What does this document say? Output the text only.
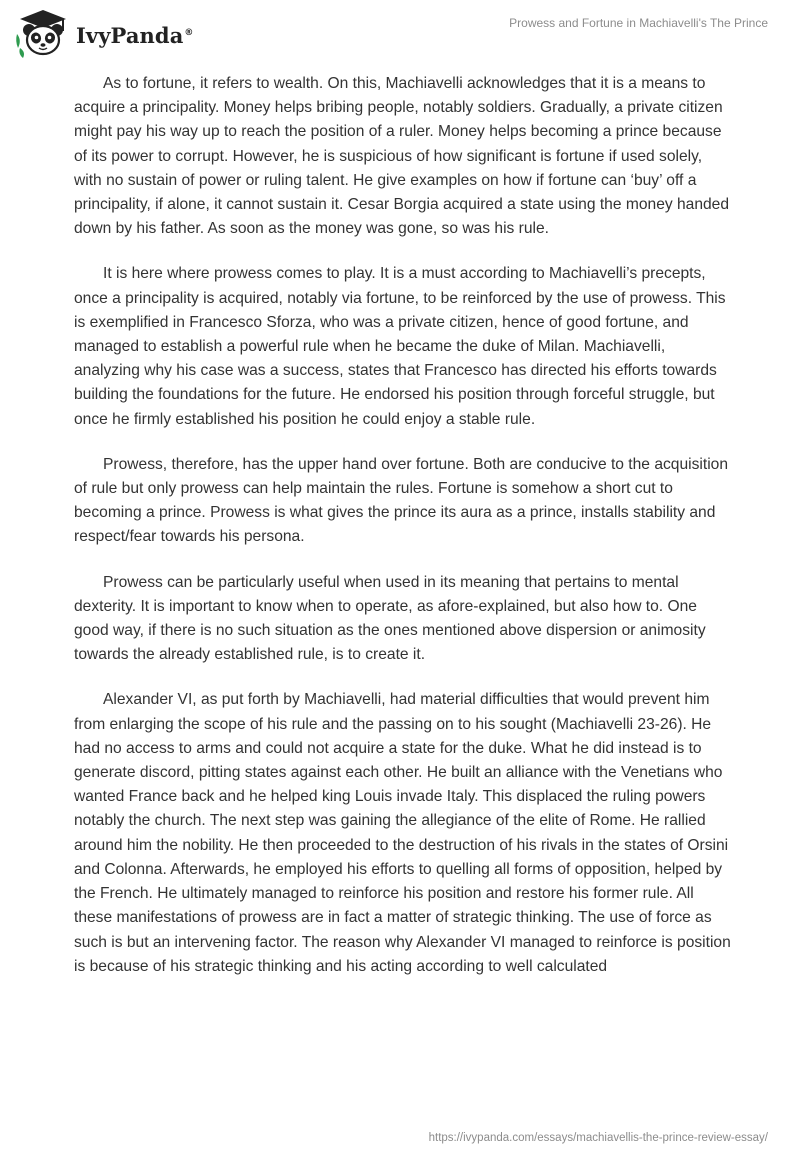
IvyPanda®
Prowess and Fortune in Machiavelli's The Prince

As to fortune, it refers to wealth. On this, Machiavelli acknowledges that it is a means to acquire a principality. Money helps bribing people, notably soldiers. Gradually, a private citizen might pay his way up to reach the position of a ruler. Money helps becoming a prince because of its power to corrupt. However, he is suspicious of how significant is fortune if used solely, with no sustain of power or ruling talent. He give examples on how if fortune can ‘buy’ off a principality, if alone, it cannot sustain it. Cesar Borgia acquired a state using the money handed down by his father. As soon as the money was gone, so was his rule.

It is here where prowess comes to play. It is a must according to Machiavelli’s precepts, once a principality is acquired, notably via fortune, to be reinforced by the use of prowess. This is exemplified in Francesco Sforza, who was a private citizen, hence of good fortune, and managed to establish a powerful rule when he became the duke of Milan. Machiavelli, analyzing why his case was a success, states that Francesco has directed his efforts towards building the foundations for the future. He endorsed his position through forceful struggle, but once he firmly established his position he could enjoy a stable rule.

Prowess, therefore, has the upper hand over fortune. Both are conducive to the acquisition of rule but only prowess can help maintain the rules. Fortune is somehow a short cut to becoming a prince. Prowess is what gives the prince its aura as a prince, installs stability and respect/fear towards his persona.

Prowess can be particularly useful when used in its meaning that pertains to mental dexterity. It is important to know when to operate, as afore-explained, but also how to. One good way, if there is no such situation as the ones mentioned above dispersion or animosity towards the already established rule, is to create it.

Alexander VI, as put forth by Machiavelli, had material difficulties that would prevent him from enlarging the scope of his rule and the passing on to his sought (Machiavelli 23-26). He had no access to arms and could not acquire a state for the duke. What he did instead is to generate discord, pitting states against each other. He built an alliance with the Venetians who wanted France back and he helped king Louis invade Italy. This displaced the ruling powers notably the church. The next step was gaining the allegiance of the elite of Rome. He rallied around him the nobility. He then proceeded to the destruction of his rivals in the states of Orsini and Colonna. Afterwards, he employed his efforts to quelling all forms of opposition, helped by the French. He ultimately managed to reinforce his position and restore his former rule. All these manifestations of prowess are in fact a matter of strategic thinking. The use of force as such is but an intervening factor. The reason why Alexander VI managed to reinforce is position is because of his strategic thinking and his acting according to well calculated

https://ivypanda.com/essays/machiavellis-the-prince-review-essay/
